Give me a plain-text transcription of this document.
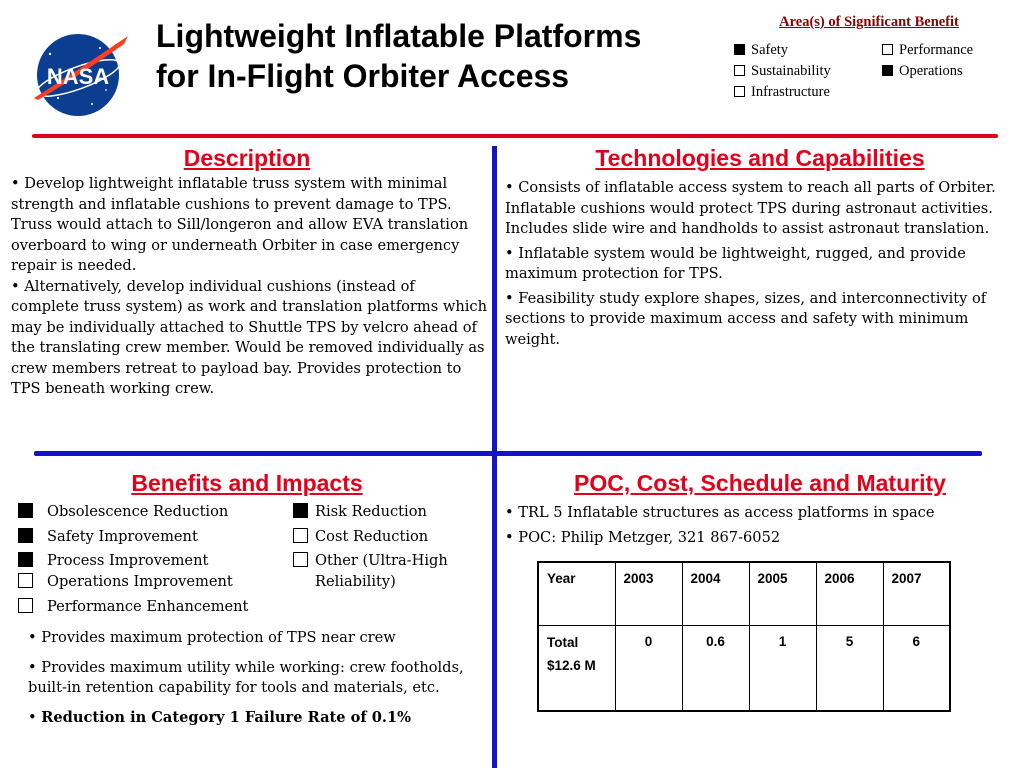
NASA
Lightweight Inflatable Platforms
for In-Flight Orbiter Access
Area(s) of Significant Benefit
Safety	Performance
Sustainability	Operations
Infrastructure
Description

• Develop lightweight inflatable truss system with minimal strength and inflatable cushions to prevent damage to TPS. Truss would attach to Sill/longeron and allow EVA translation overboard to wing or underneath Orbiter in case emergency repair is needed.

• Alternatively, develop individual cushions (instead of complete truss system) as work and translation platforms which may be individually attached to Shuttle TPS by velcro ahead of the translating crew member. Would be removed individually as crew members retreat to payload bay. Provides protection to TPS beneath working crew.

Technologies and Capabilities

• Consists of inflatable access system to reach all parts of Orbiter. Inflatable cushions would protect TPS during astronaut activities. Includes slide wire and handholds to assist astronaut translation.

• Inflatable system would be lightweight, rugged, and provide maximum protection for TPS.

• Feasibility study explore shapes, sizes, and interconnectivity of sections to provide maximum access and safety with minimum weight.

Benefits and Impacts
Obsolescence Reduction
Safety Improvement
Process Improvement
Operations Improvement
Performance Enhancement
Risk Reduction
Cost Reduction
Other (Ultra-High
Reliability)

• Provides maximum protection of TPS near crew

• Provides maximum utility while working: crew footholds, built-in retention capability for tools and materials, etc.

• Reduction in Category 1 Failure Rate of 0.1%

POC, Cost, Schedule and Maturity

• TRL 5 Inflatable structures as access platforms in space

• POC: Philip Metzger, 321 867-6052

Year	2003	2004	2005	2006	2007

Total
$12.6 M	0	0.6	1	5	6
